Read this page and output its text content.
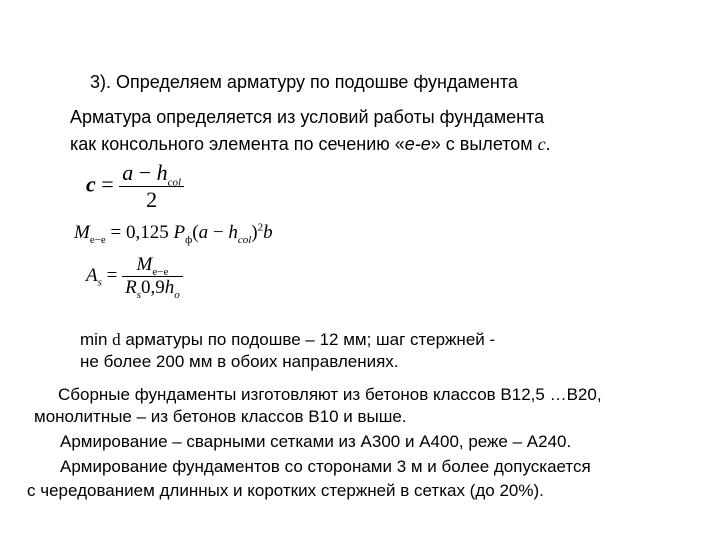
3). Определяем арматуру по подошве фундамента
Арматура определяется из условий работы фундамента
как консольного элемента по сечению «е-е» с вылетом c.
$c = \frac{a - h_{col}}{2}$
$M_{e-e} = 0,125$ $P_ф(a - h_{col})^2b$
$A_s = \frac{M_{e-e}}{R_s0,9h_o}$
min d арматуры по подошве – 12 мм; шаг стержней -
не более 200 мм в обоих направлениях.
Сборные фундаменты изготовляют из бетонов классов В12,5 …В20,
монолитные – из бетонов классов В10 и выше.
Армирование – сварными сетками из А300 и А400, реже – А240.
Армирование фундаментов со сторонами 3 м и более допускается
с чередованием длинных и коротких стержней в сетках (до 20%).
